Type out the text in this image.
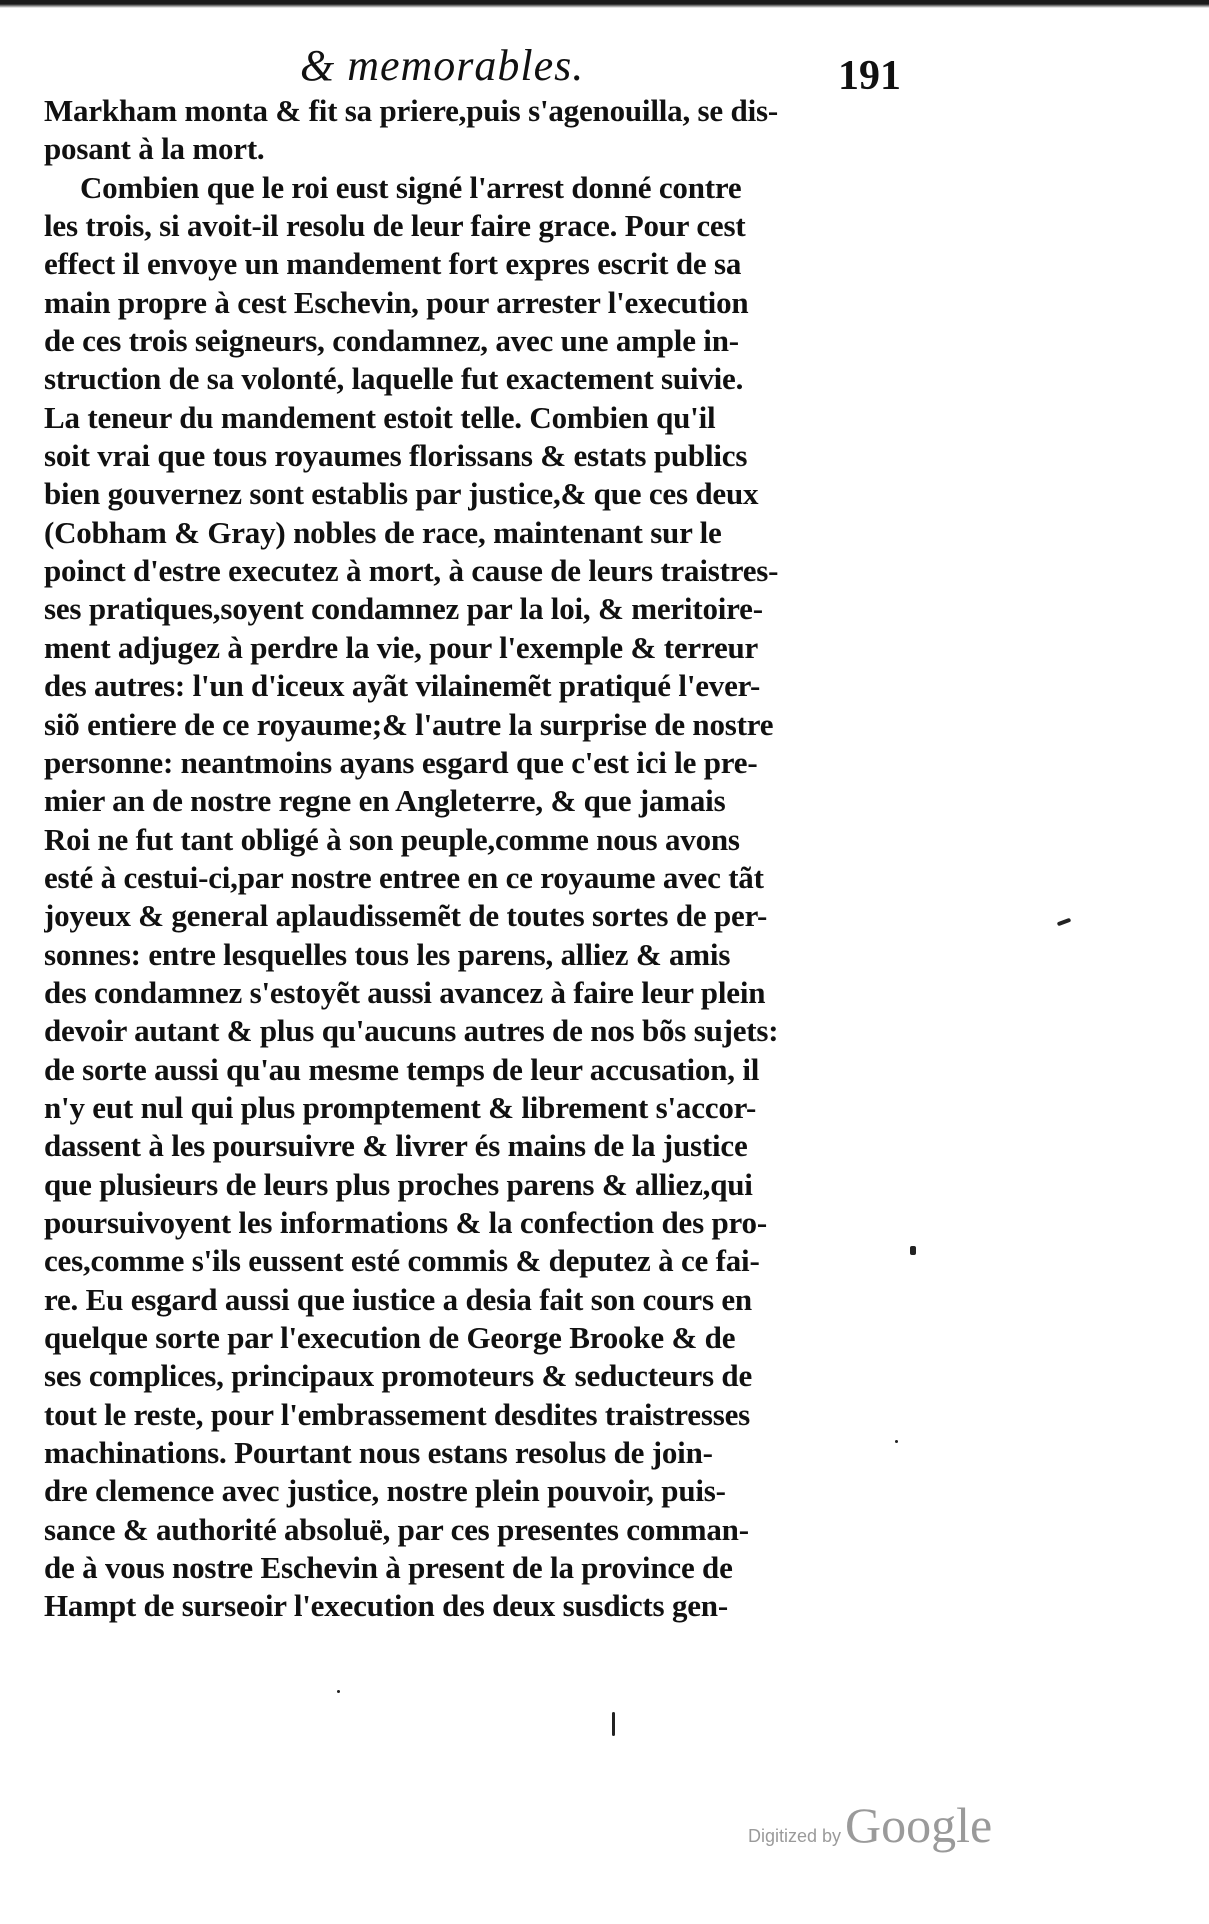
& memorables.	191
Markham monta & fit sa priere,puis s'agenouilla, se dis-
posant à la mort.
Combien que le roi eust signé l'arrest donné contre
les trois, si avoit-il resolu de leur faire grace. Pour cest
effect il envoye un mandement fort expres escrit de sa
main propre à cest Eschevin, pour arrester l'execution
de ces trois seigneurs, condamnez, avec une ample in-
struction de sa volonté, laquelle fut exactement suivie.
La teneur du mandement estoit telle. Combien qu'il
soit vrai que tous royaumes florissans & estats publics
bien gouvernez sont establis par justice,& que ces deux
(Cobham & Gray) nobles de race, maintenant sur le
poinct d'estre executez à mort, à cause de leurs traistres-
ses pratiques,soyent condamnez par la loi, & meritoire-
ment adjugez à perdre la vie, pour l'exemple & terreur
des autres: l'un d'iceux ayãt vilainemẽt pratiqué l'ever-
siõ entiere de ce royaume;& l'autre la surprise de nostre
personne: neantmoins ayans esgard que c'est ici le pre-
mier an de nostre regne en Angleterre, & que jamais
Roi ne fut tant obligé à son peuple,comme nous avons
esté à cestui-ci,par nostre entree en ce royaume avec tãt
joyeux & general aplaudissemẽt de toutes sortes de per-
sonnes: entre lesquelles tous les parens, alliez & amis
des condamnez s'estoyẽt aussi avancez à faire leur plein
devoir autant & plus qu'aucuns autres de nos bõs sujets:
de sorte aussi qu'au mesme temps de leur accusation, il
n'y eut nul qui plus promptement & librement s'accor-
dassent à les poursuivre & livrer és mains de la justice
que plusieurs de leurs plus proches parens & alliez,qui
poursuivoyent les informations & la confection des pro-
ces,comme s'ils eussent esté commis & deputez à ce fai-
re. Eu esgard aussi que iustice a desia fait son cours en
quelque sorte par l'execution de George Brooke & de
ses complices, principaux promoteurs & seducteurs de
tout le reste, pour l'embrassement desdites traistresses
machinations. Pourtant nous estans resolus de join-
dre clemence avec justice, nostre plein pouvoir, puis-
sance & authorité absoluë, par ces presentes comman-
de à vous nostre Eschevin à present de la province de
Hampt de surseoir l'execution des deux susdicts gen-
Digitized by Google
